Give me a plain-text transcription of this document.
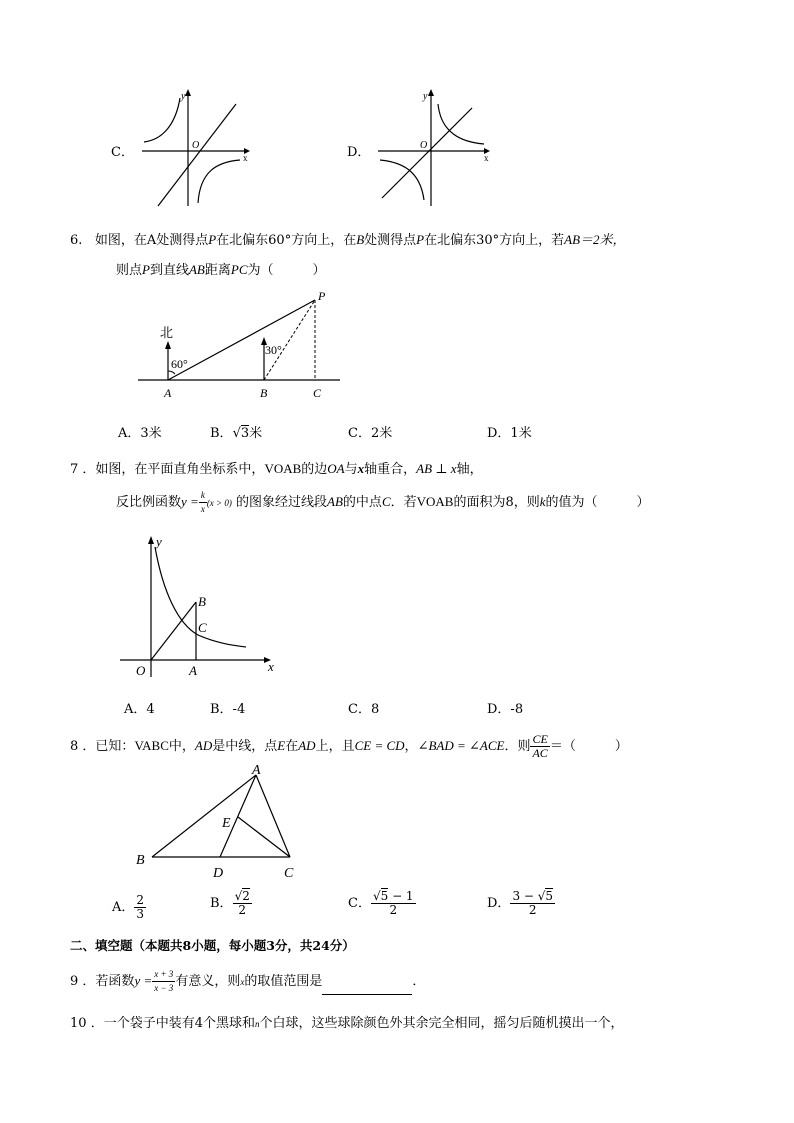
C．
y
x
O	D．
y
x
O
6. 如图，在A处测得点P在北偏东60°方向上，在B处测得点P在北偏东30°方向上，若AB＝2米，
则点P到直线AB距离PC为（　　　）
北
60°
30°
A	B	C
P
A．3米	B．√3米	C．2米	D．1米
7 ．如图，在平面直角坐标系中，VOAB的边OA与x轴重合，AB ⊥ x轴，
反比例函数$y = \frac{k}{x} (x > 0)$ 的图象经过线段AB的中点C．若VOAB的面积为8，则k的值为（　　　）
y
x
O	A
B
C
A．4	B．-4	C．8	D．-8
8 ．已知：VABC中，AD是中线，点E在AD上，且CE = CD，∠BAD = ∠ACE．则 $\frac{CE}{AC}$ ＝（　　　）
A
B
C
D
E
A． $\frac{2}{3}$	B． $\frac{√2}{2}$	C． $\frac{√5 - 1}{2}$	D． $\frac{3 - √5}{2}$
二、填空题（本题共8小题，每小题3分，共24分）
9 ．若函数$y = \frac{x + 3}{x - 3}$ 有意义，则x的取值范围是	．
10 ．一个袋子中装有4个黑球和n个白球，这些球除颜色外其余完全相同，摇匀后随机摸出一个，
